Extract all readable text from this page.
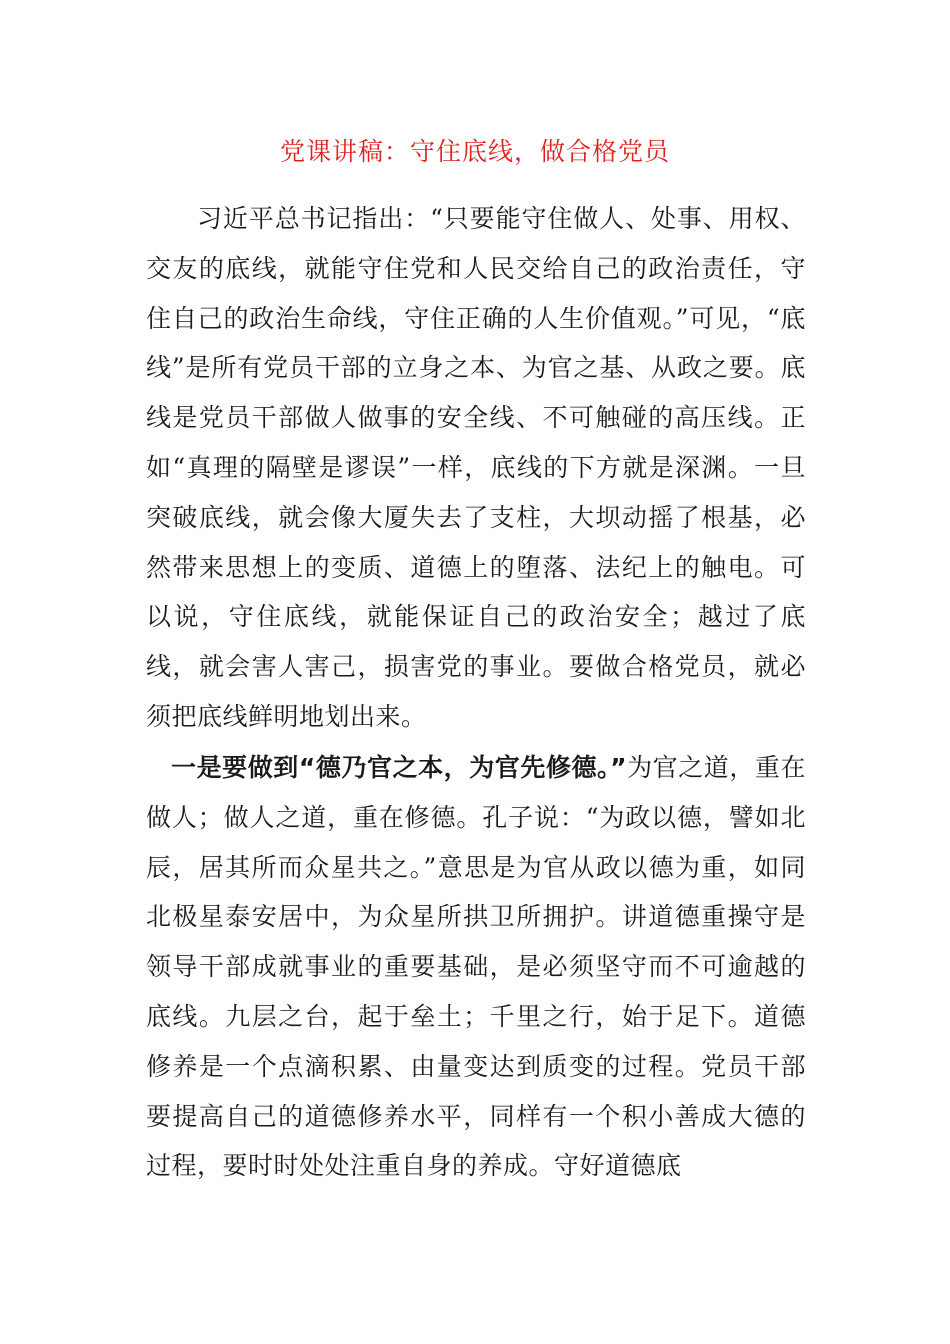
党课讲稿：守住底线，做合格党员
习近平总书记指出：“只要能守住做人、处事、用权、交友的底线，就能守住党和人民交给自己的政治责任，守住自己的政治生命线，守住正确的人生价值观。”可见，“底线”是所有党员干部的立身之本、为官之基、从政之要。底线是党员干部做人做事的安全线、不可触碰的高压线。正如“真理的隔壁是谬误”一样，底线的下方就是深渊。一旦突破底线，就会像大厦失去了支柱，大坝动摇了根基，必然带来思想上的变质、道德上的堕落、法纪上的触电。可以说，守住底线，就能保证自己的政治安全；越过了底线，就会害人害己，损害党的事业。要做合格党员，就必须把底线鲜明地划出来。
一是要做到“德乃官之本，为官先修德。”为官之道，重在做人；做人之道，重在修德。孔子说：“为政以德，譬如北辰，居其所而众星共之。”意思是为官从政以德为重，如同北极星泰安居中，为众星所拱卫所拥护。讲道德重操守是领导干部成就事业的重要基础，是必须坚守而不可逾越的底线。九层之台，起于垒土；千里之行，始于足下。道德修养是一个点滴积累、由量变达到质变的过程。党员干部要提高自己的道德修养水平，同样有一个积小善成大德的过程，要时时处处注重自身的养成。守好道德底
